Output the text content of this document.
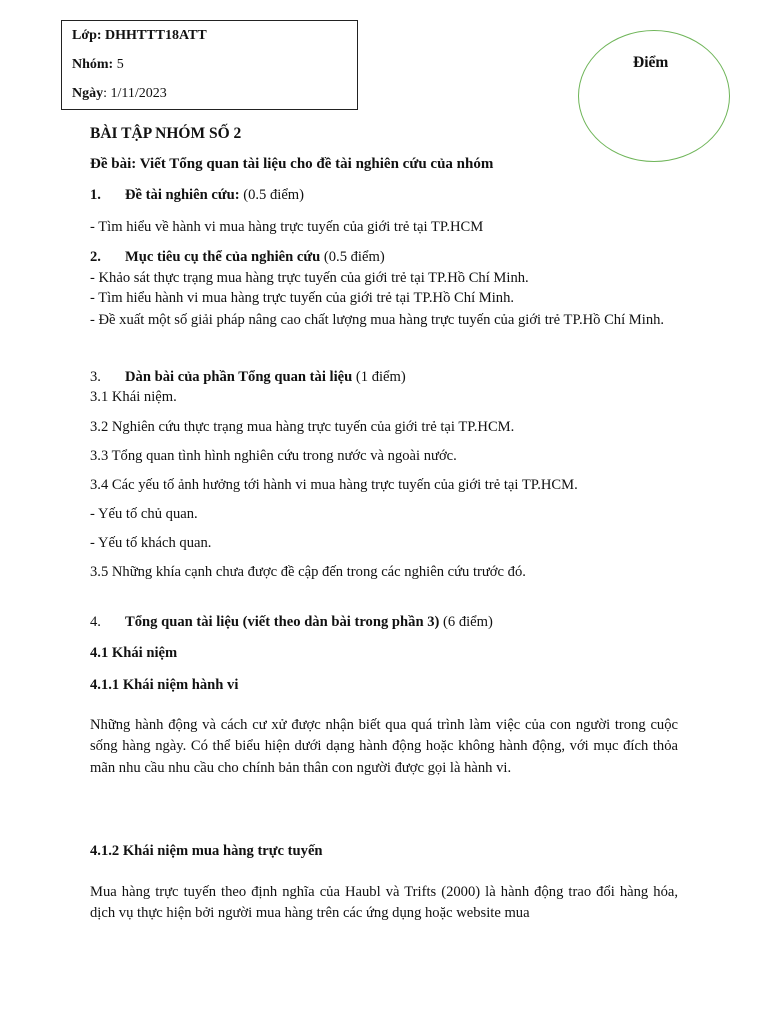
Lớp: DHHTTT18ATT
Nhóm: 5
Ngày: 1/11/2023
Điểm
BÀI TẬP NHÓM SỐ 2
Đề bài: Viết Tổng quan tài liệu cho đề tài nghiên cứu của nhóm
1. Đề tài nghiên cứu: (0.5 điểm)
- Tìm hiểu về hành vi mua hàng trực tuyến của giới trẻ tại TP.HCM
2. Mục tiêu cụ thể của nghiên cứu (0.5 điểm)
- Khảo sát thực trạng mua hàng trực tuyến của giới trẻ tại TP.Hồ Chí Minh.
- Tìm hiểu hành vi mua hàng trực tuyến của giới trẻ tại TP.Hồ Chí Minh.
- Đề xuất một số giải pháp nâng cao chất lượng mua hàng trực tuyến của giới trẻ TP.Hồ Chí Minh.
3. Dàn bài của phần Tổng quan tài liệu (1 điểm)
3.1 Khái niệm.
3.2 Nghiên cứu thực trạng mua hàng trực tuyến của giới trẻ tại TP.HCM.
3.3 Tổng quan tình hình nghiên cứu trong nước và ngoài nước.
3.4 Các yếu tố ảnh hưởng tới hành vi mua hàng trực tuyến của giới trẻ tại TP.HCM.
- Yếu tố chủ quan.
- Yếu tố khách quan.
3.5 Những khía cạnh chưa được đề cập đến trong các nghiên cứu trước đó.
4. Tổng quan tài liệu (viết theo dàn bài trong phần 3) (6 điểm)
4.1 Khái niệm
4.1.1 Khái niệm hành vi
Những hành động và cách cư xử được nhận biết qua quá trình làm việc của con người trong cuộc sống hàng ngày. Có thể biểu hiện dưới dạng hành động hoặc không hành động, với mục đích thỏa mãn nhu cầu nhu cầu cho chính bản thân con người được gọi là hành vi.
4.1.2 Khái niệm mua hàng trực tuyến
Mua hàng trực tuyến theo định nghĩa của Haubl và Trifts (2000) là hành động trao đổi hàng hóa, dịch vụ thực hiện bởi người mua hàng trên các ứng dụng hoặc website mua
